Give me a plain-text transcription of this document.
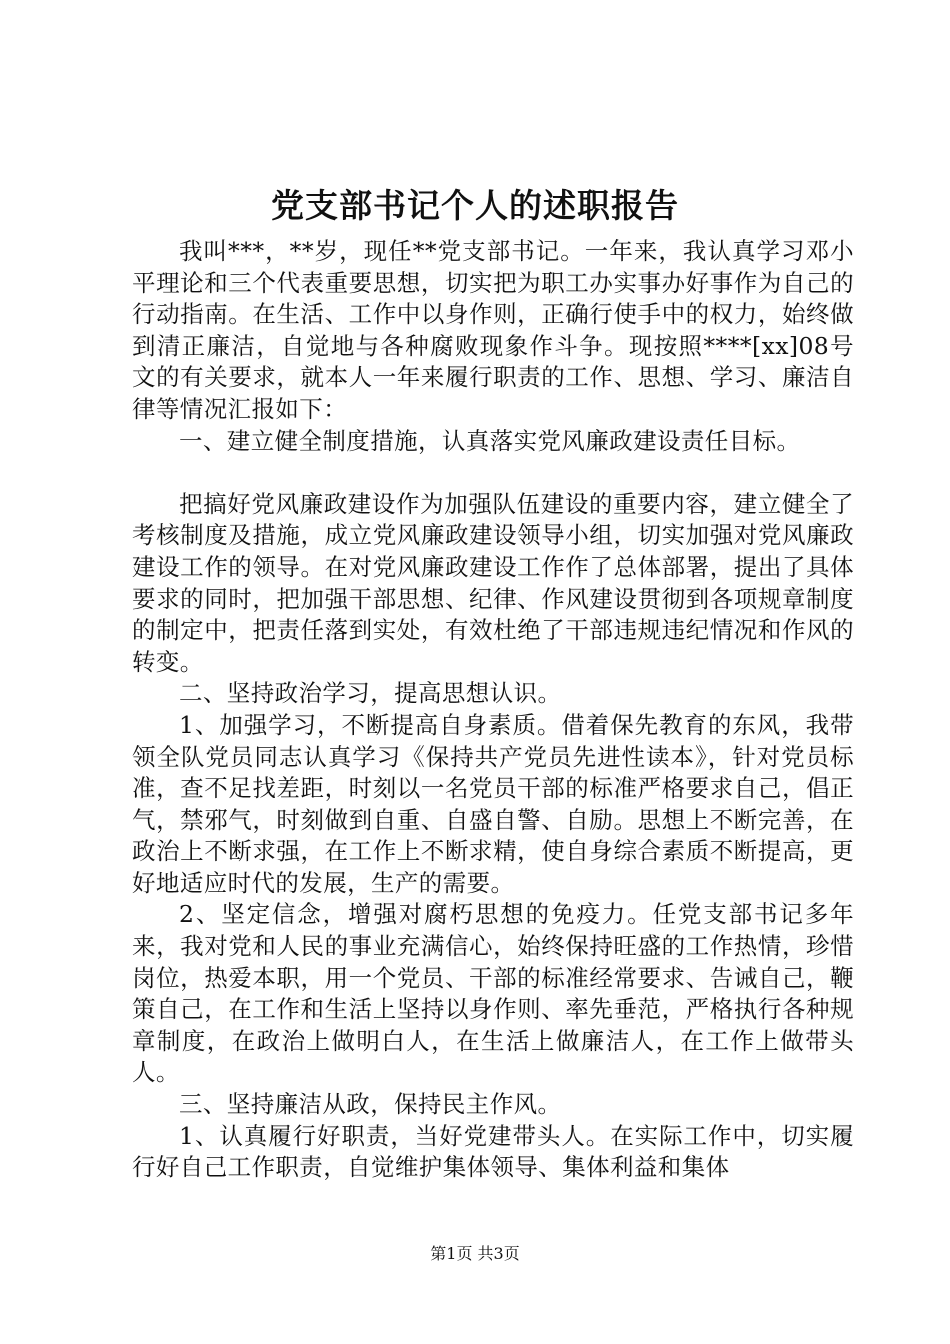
党支部书记个人的述职报告

我叫***，**岁，现任**党支部书记。一年来，我认真学习邓小平理论和三个代表重要思想，切实把为职工办实事办好事作为自己的行动指南。在生活、工作中以身作则，正确行使手中的权力，始终做到清正廉洁，自觉地与各种腐败现象作斗争。现按照****[xx]08号文的有关要求，就本人一年来履行职责的工作、思想、学习、廉洁自律等情况汇报如下：

一、建立健全制度措施，认真落实党风廉政建设责任目标。

把搞好党风廉政建设作为加强队伍建设的重要内容，建立健全了考核制度及措施，成立党风廉政建设领导小组，切实加强对党风廉政建设工作的领导。在对党风廉政建设工作作了总体部署，提出了具体要求的同时，把加强干部思想、纪律、作风建设贯彻到各项规章制度的制定中，把责任落到实处，有效杜绝了干部违规违纪情况和作风的转变。

二、坚持政治学习，提高思想认识。

1、加强学习，不断提高自身素质。借着保先教育的东风，我带领全队党员同志认真学习《保持共产党员先进性读本》，针对党员标准，查不足找差距，时刻以一名党员干部的标准严格要求自己，倡正气，禁邪气，时刻做到自重、自盛自警、自励。思想上不断完善，在政治上不断求强，在工作上不断求精，使自身综合素质不断提高，更好地适应时代的发展，生产的需要。

2、坚定信念，增强对腐朽思想的免疫力。任党支部书记多年来，我对党和人民的事业充满信心，始终保持旺盛的工作热情，珍惜岗位，热爱本职，用一个党员、干部的标准经常要求、告诫自己，鞭策自己，在工作和生活上坚持以身作则、率先垂范，严格执行各种规章制度，在政治上做明白人，在生活上做廉洁人，在工作上做带头人。

三、坚持廉洁从政，保持民主作风。

1、认真履行好职责，当好党建带头人。在实际工作中，切实履行好自己工作职责，自觉维护集体领导、集体利益和集体

第1页 共3页
